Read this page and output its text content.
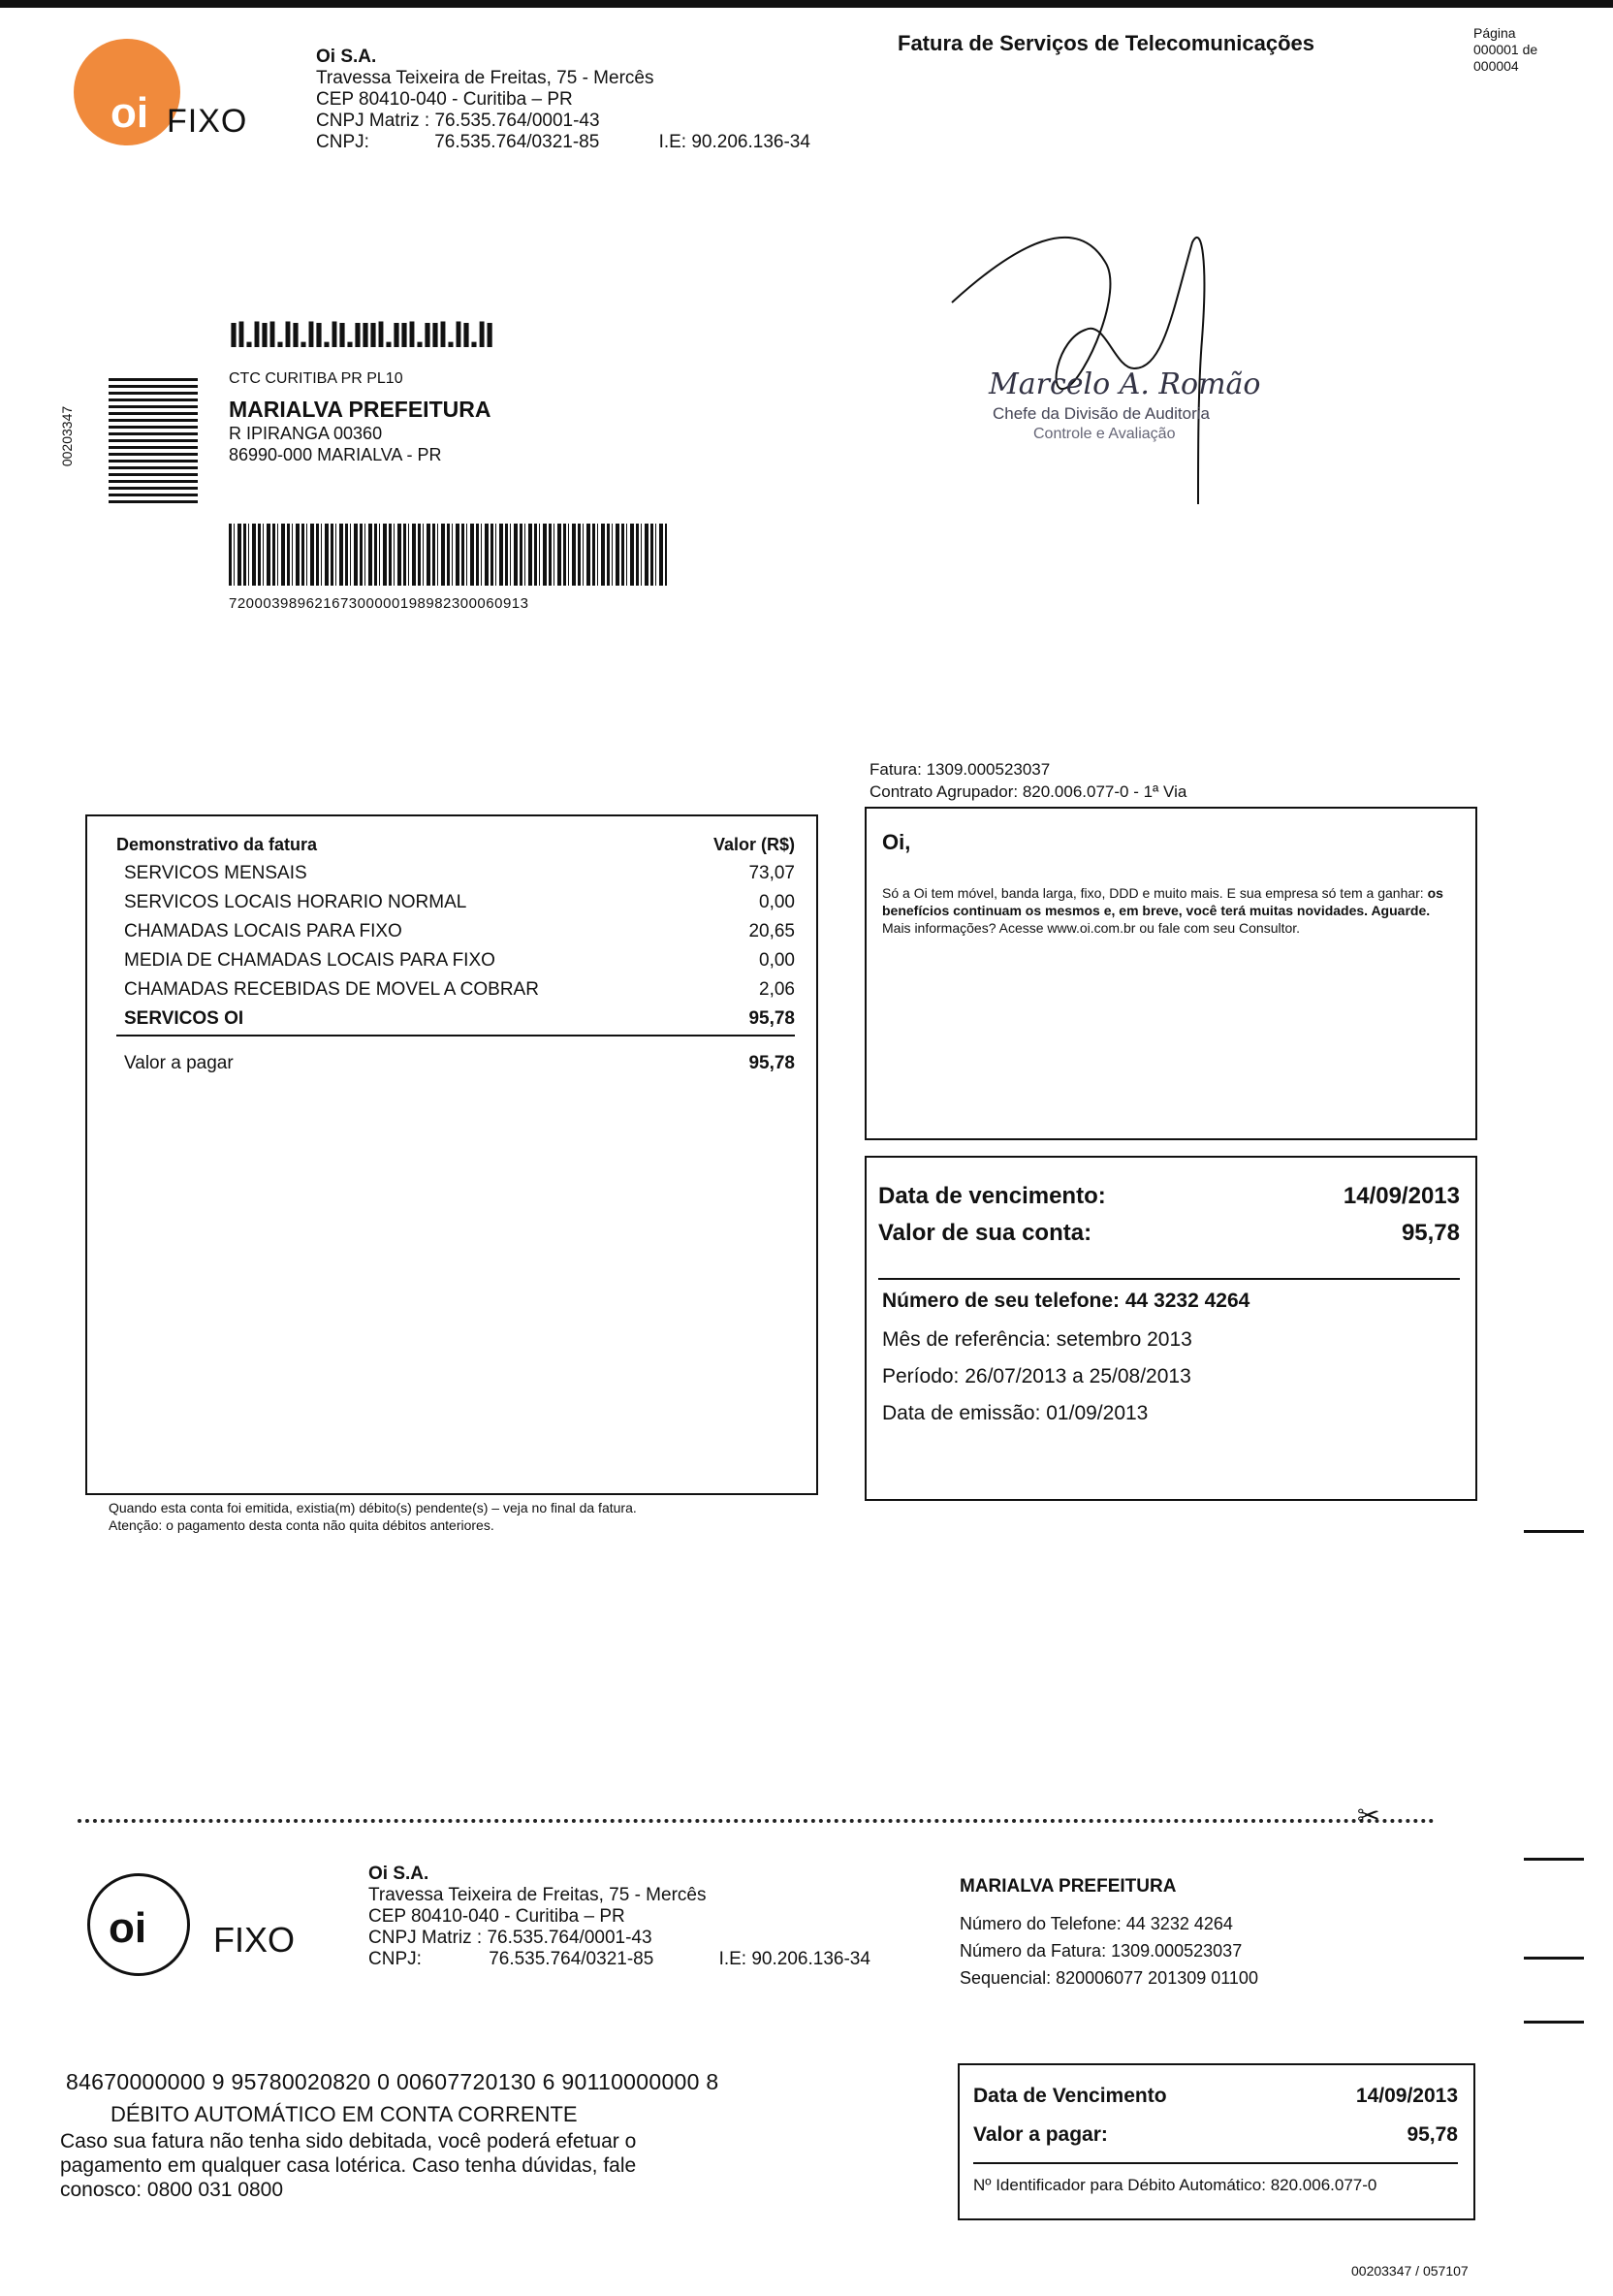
oi FIXO
Oi S.A.
Travessa Teixeira de Freitas, 75 - Mercês
CEP 80410-040 - Curitiba – PR
CNPJ Matriz : 76.535.764/0001-43
CNPJ:	76.535.764/0321-85	I.E: 90.206.136-34
Fatura de Serviços de Telecomunicações	Página
000001 de
000004
Il.lIl.lI.lI.lI.IIIl.IIl.IIl.lI.lI
00203347
CTC CURITIBA PR PL10
MARIALVA PREFEITURA
R IPIRANGA 00360
86990-000 MARIALVA - PR
72000398962167300000198982300060913
Marcelo A. Romão
Chefe da Divisão de Auditoria
Controle e Avaliação
Fatura: 1309.000523037
Contrato Agrupador: 820.006.077-0 - 1ª Via
Demonstrativo da fatura	Valor (R$)
SERVICOS MENSAIS	73,07
SERVICOS LOCAIS HORARIO NORMAL	0,00
CHAMADAS LOCAIS PARA FIXO	20,65
MEDIA DE CHAMADAS LOCAIS PARA FIXO	0,00
CHAMADAS RECEBIDAS DE MOVEL A COBRAR	2,06
SERVICOS OI	95,78
Valor a pagar	95,78
Quando esta conta foi emitida, existia(m) débito(s) pendente(s) – veja no final da fatura.
Atenção: o pagamento desta conta não quita débitos anteriores.
Oi,
Só a Oi tem móvel, banda larga, fixo, DDD e muito mais. E sua empresa só tem a ganhar: os benefícios continuam os mesmos e, em breve, você terá muitas novidades. Aguarde.
Mais informações? Acesse www.oi.com.br ou fale com seu Consultor.
Data de vencimento:	14/09/2013
Valor de sua conta:	95,78
Número de seu telefone: 44 3232 4264
Mês de referência: setembro 2013
Período: 26/07/2013 a 25/08/2013
Data de emissão: 01/09/2013
✂
oi FIXO
Oi S.A.
Travessa Teixeira de Freitas, 75 - Mercês
CEP 80410-040 - Curitiba – PR
CNPJ Matriz : 76.535.764/0001-43
CNPJ:	76.535.764/0321-85	I.E: 90.206.136-34
MARIALVA PREFEITURA
Número do Telefone: 44 3232 4264
Número da Fatura: 1309.000523037
Sequencial: 820006077 201309 01100
84670000000 9 95780020820 0 00607720130 6 90110000000 8
DÉBITO AUTOMÁTICO EM CONTA CORRENTE
Caso sua fatura não tenha sido debitada, você poderá efetuar o pagamento em qualquer casa lotérica. Caso tenha dúvidas, fale conosco: 0800 031 0800
Data de Vencimento	14/09/2013
Valor a pagar:	95,78
Nº Identificador para Débito Automático: 820.006.077-0
00203347 / 057107
